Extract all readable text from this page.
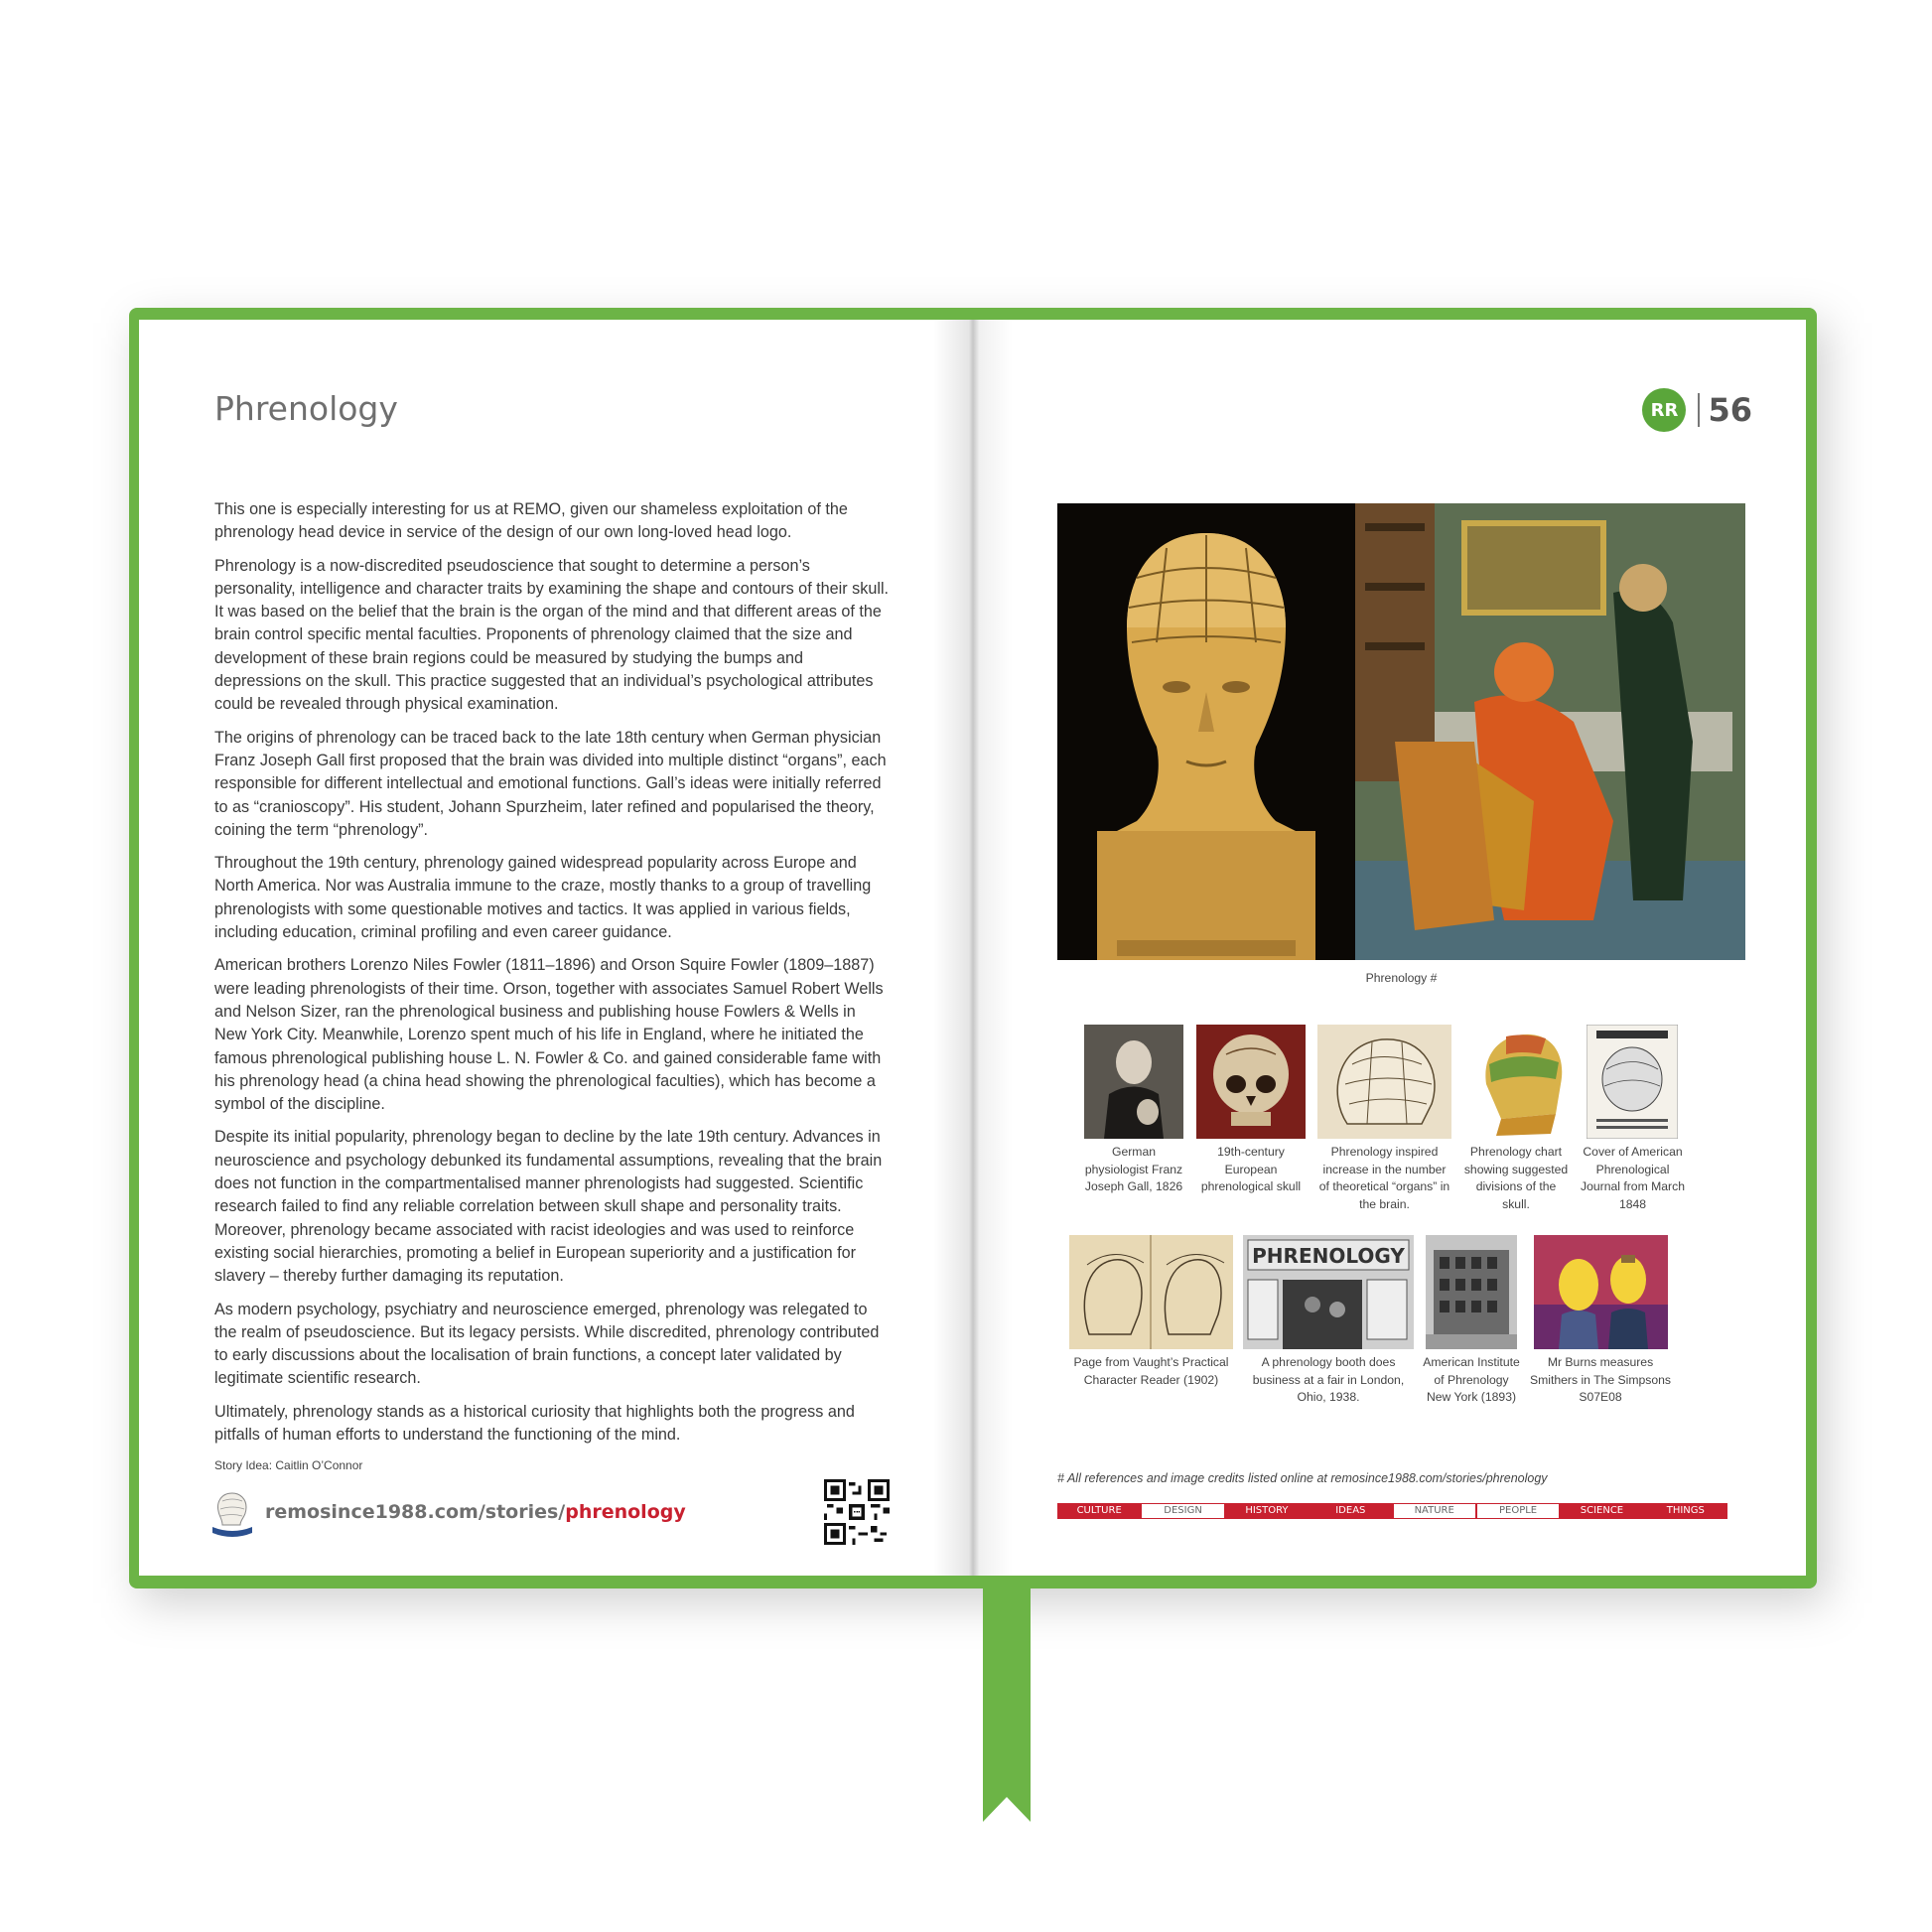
Phrenology

This one is especially interesting for us at REMO, given our shameless exploitation of the phrenology head device in service of the design of our own long-loved head logo.

Phrenology is a now-discredited pseudoscience that sought to determine a person’s personality, intelligence and character traits by examining the shape and contours of their skull. It was based on the belief that the brain is the organ of the mind and that different areas of the brain control specific mental faculties. Proponents of phrenology claimed that the size and development of these brain regions could be measured by studying the bumps and depressions on the skull. This practice suggested that an individual’s psychological attributes could be revealed through physical examination.

The origins of phrenology can be traced back to the late 18th century when German physician Franz Joseph Gall first proposed that the brain was divided into multiple distinct “organs”, each responsible for different intellectual and emotional functions. Gall’s ideas were initially referred to as “cranioscopy”. His student, Johann Spurzheim, later refined and popularised the theory, coining the term “phrenology”.

Throughout the 19th century, phrenology gained widespread popularity across Europe and North America. Nor was Australia immune to the craze, mostly thanks to a group of travelling phrenologists with some questionable motives and tactics. It was applied in various fields, including education, criminal profiling and even career guidance.

American brothers Lorenzo Niles Fowler (1811–1896) and Orson Squire Fowler (1809–1887) were leading phrenologists of their time. Orson, together with associates Samuel Robert Wells and Nelson Sizer, ran the phrenological business and publishing house Fowlers & Wells in New York City. Meanwhile, Lorenzo spent much of his life in England, where he initiated the famous phrenological publishing house L. N. Fowler & Co. and gained considerable fame with his phrenology head (a china head showing the phrenological faculties), which has become a symbol of the discipline.

Despite its initial popularity, phrenology began to decline by the late 19th century. Advances in neuroscience and psychology debunked its fundamental assumptions, revealing that the brain does not function in the compartmentalised manner phrenologists had suggested. Scientific research failed to find any reliable correlation between skull shape and personality traits. Moreover, phrenology became associated with racist ideologies and was used to reinforce existing social hierarchies, promoting a belief in European superiority and a justification for slavery – thereby further damaging its reputation.

As modern psychology, psychiatry and neuroscience emerged, phrenology was relegated to the realm of pseudoscience. But its legacy persists. While discredited, phrenology contributed to early discussions about the localisation of brain functions, a concept later validated by legitimate scientific research.

Ultimately, phrenology stands as a historical curiosity that highlights both the progress and pitfalls of human efforts to understand the functioning of the mind.

Story Idea: Caitlin O’Connor
remosince1988.com/stories/phrenology
RR 56
Phrenology #
German physiologist Franz Joseph Gall, 1826
19th-century European phrenological skull
Phrenology inspired increase in the number of theoretical “organs” in the brain.
Phrenology chart showing suggested divisions of the skull.
Cover of American Phrenological Journal from March 1848
Page from Vaught’s Practical Character Reader (1902)
PHRENOLOGY
A phrenology booth does business at a fair in London, Ohio, 1938.
American Institute of Phrenology New York (1893)
Mr Burns measures Smithers in The Simpsons S07E08
# All references and image credits listed online at remosince1988.com/stories/phrenology
CULTURE	DESIGN	HISTORY	IDEAS	NATURE	PEOPLE	SCIENCE	THINGS
